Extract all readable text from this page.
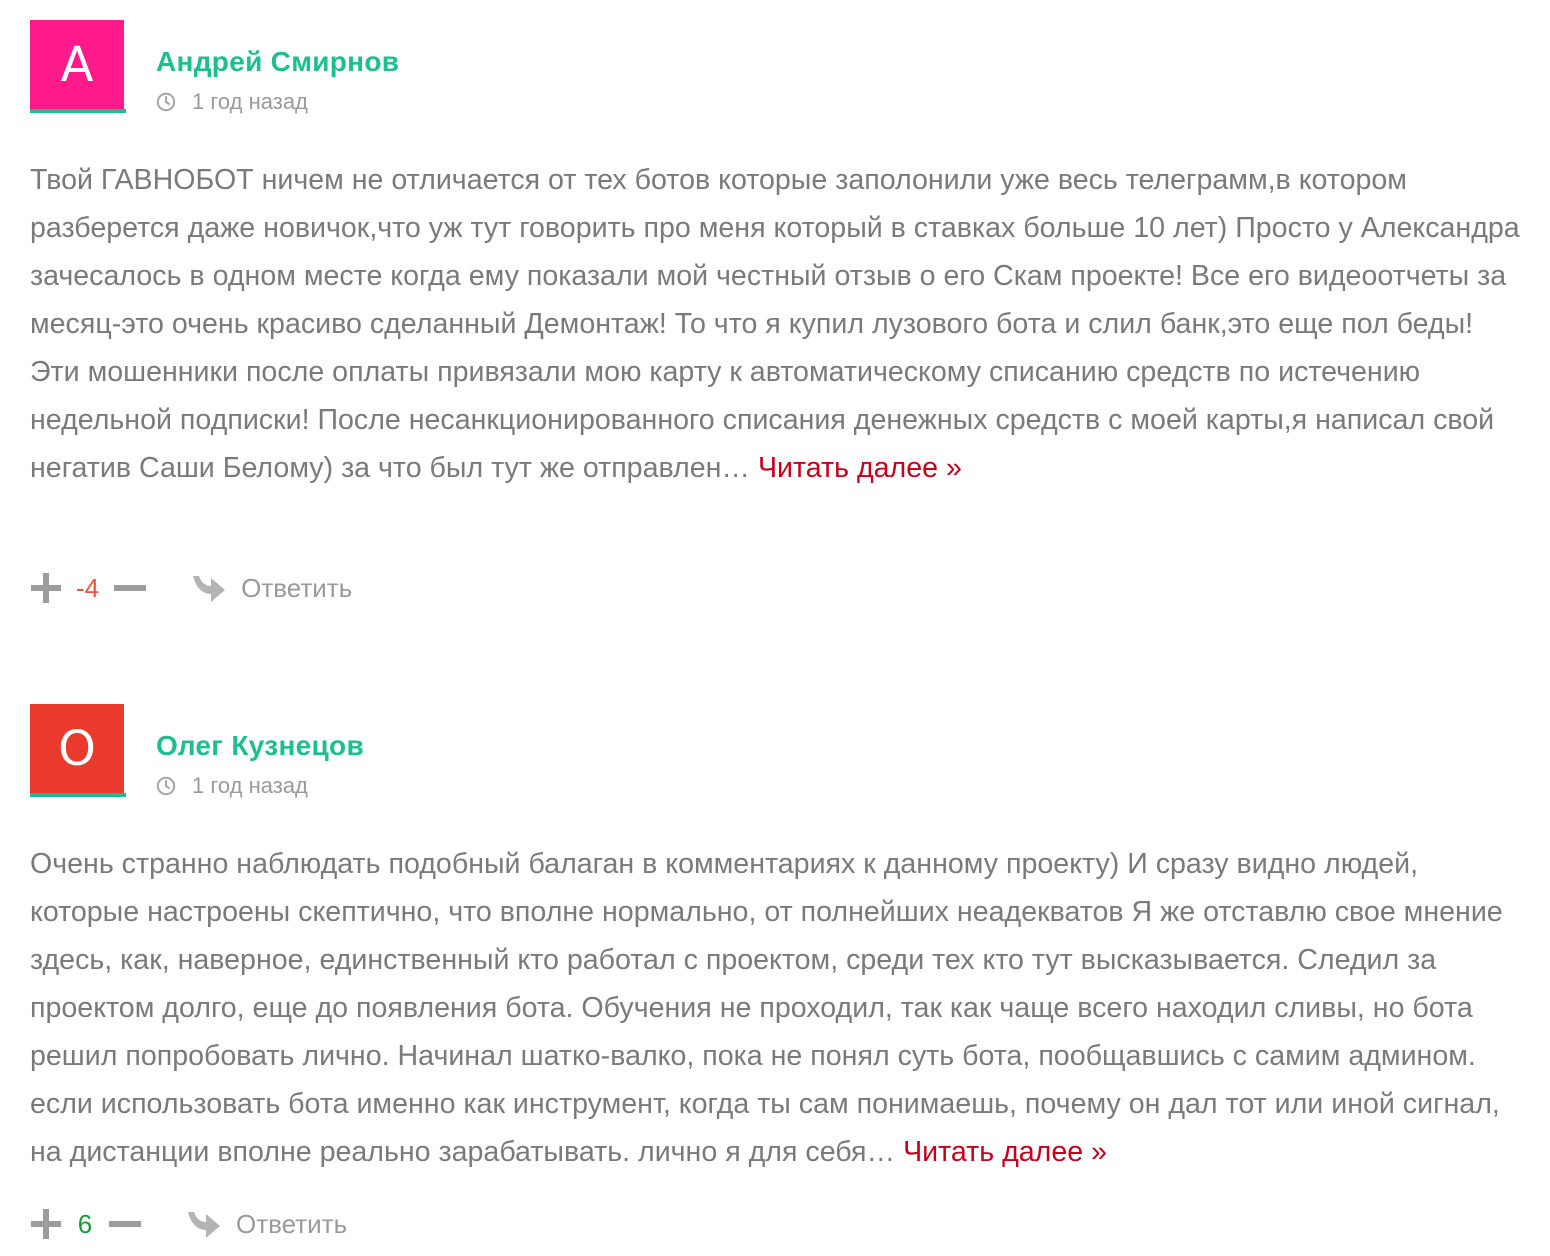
А	Андрей Смирнов
1 год назад

Твой ГАВНОБОТ ничем не отличается от тех ботов которые заполонили уже весь телеграмм,в котором разберется даже новичок,что уж тут говорить про меня который в ставках больше 10 лет) Просто у Александра зачесалось в одном месте когда ему показали мой честный отзыв о его Скам проекте! Все его видеоотчеты за месяц-это очень красиво сделанный Демонтаж! То что я купил лузового бота и слил банк,это еще пол беды! Эти мошенники после оплаты привязали мою карту к автоматическому списанию средств по истечению недельной подписки! После несанкционированного списания денежных средств с моей карты,я написал свой негатив Саши Белому) за что был тут же отправлен… Читать далее »

-4	Ответить
О	Олег Кузнецов
1 год назад

Очень странно наблюдать подобный балаган в комментариях к данному проекту) И сразу видно людей, которые настроены скептично, что вполне нормально, от полнейших неадекватов Я же отставлю свое мнение здесь, как, наверное, единственный кто работал с проектом, среди тех кто тут высказывается. Следил за проектом долго, еще до появления бота. Обучения не проходил, так как чаще всего находил сливы, но бота решил попробовать лично. Начинал шатко-валко, пока не понял суть бота, пообщавшись с самим админом. если использовать бота именно как инструмент, когда ты сам понимаешь, почему он дал тот или иной сигнал, на дистанции вполне реально зарабатывать. лично я для себя… Читать далее »

6	Ответить
